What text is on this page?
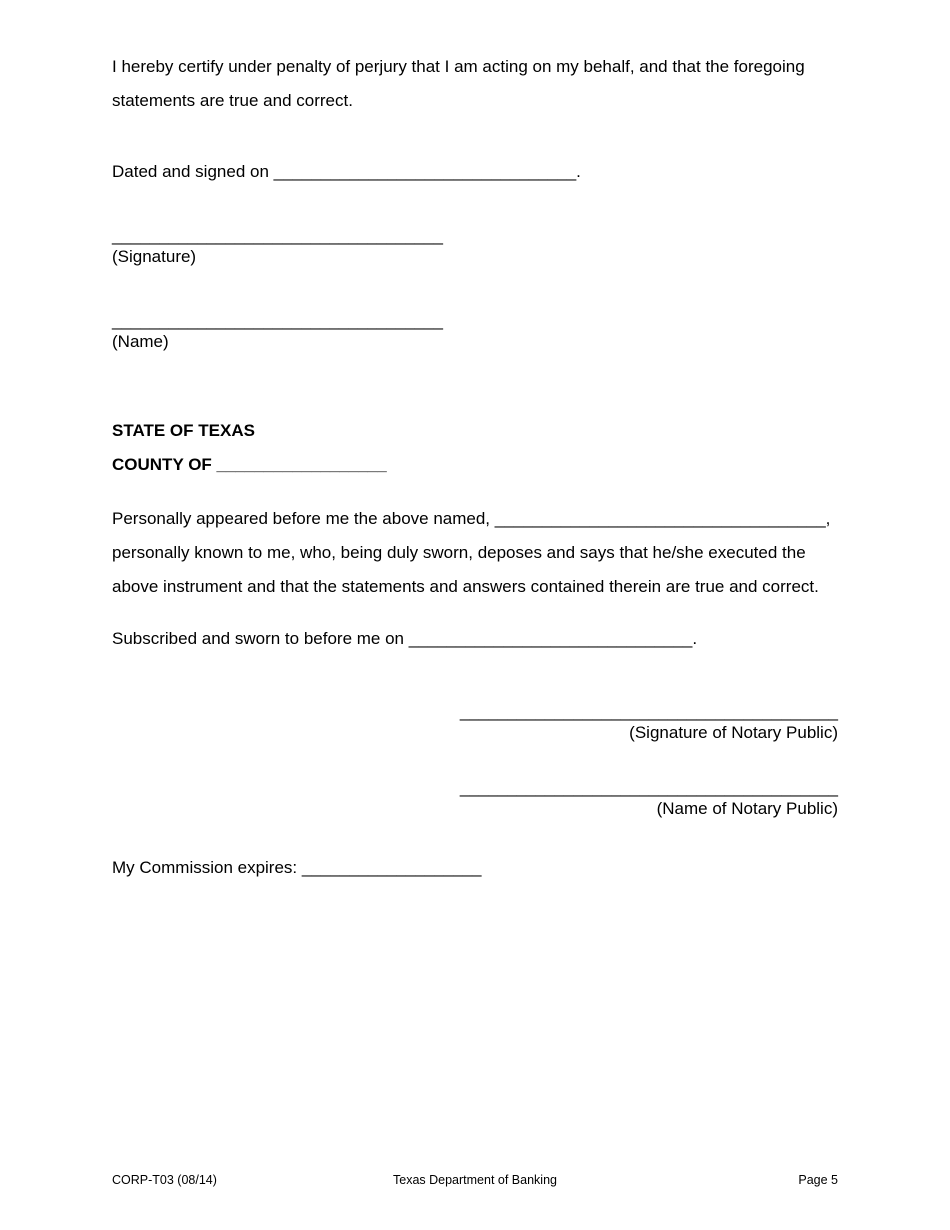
I hereby certify under penalty of perjury that I am acting on my behalf, and that the foregoing
statements are true and correct.
Dated and signed on ________________________________.
___________________________________
(Signature)
___________________________________
(Name)
STATE OF TEXAS
COUNTY OF __________________
Personally appeared before me the above named, ___________________________________,
personally known to me, who, being duly sworn, deposes and says that he/she executed the
above instrument and that the statements and answers contained therein are true and correct.
Subscribed and sworn to before me on ______________________________.
________________________________________
(Signature of Notary Public)
________________________________________
(Name of Notary Public)
My Commission expires: ___________________
CORP-T03 (08/14)	Texas Department of Banking	Page 5
